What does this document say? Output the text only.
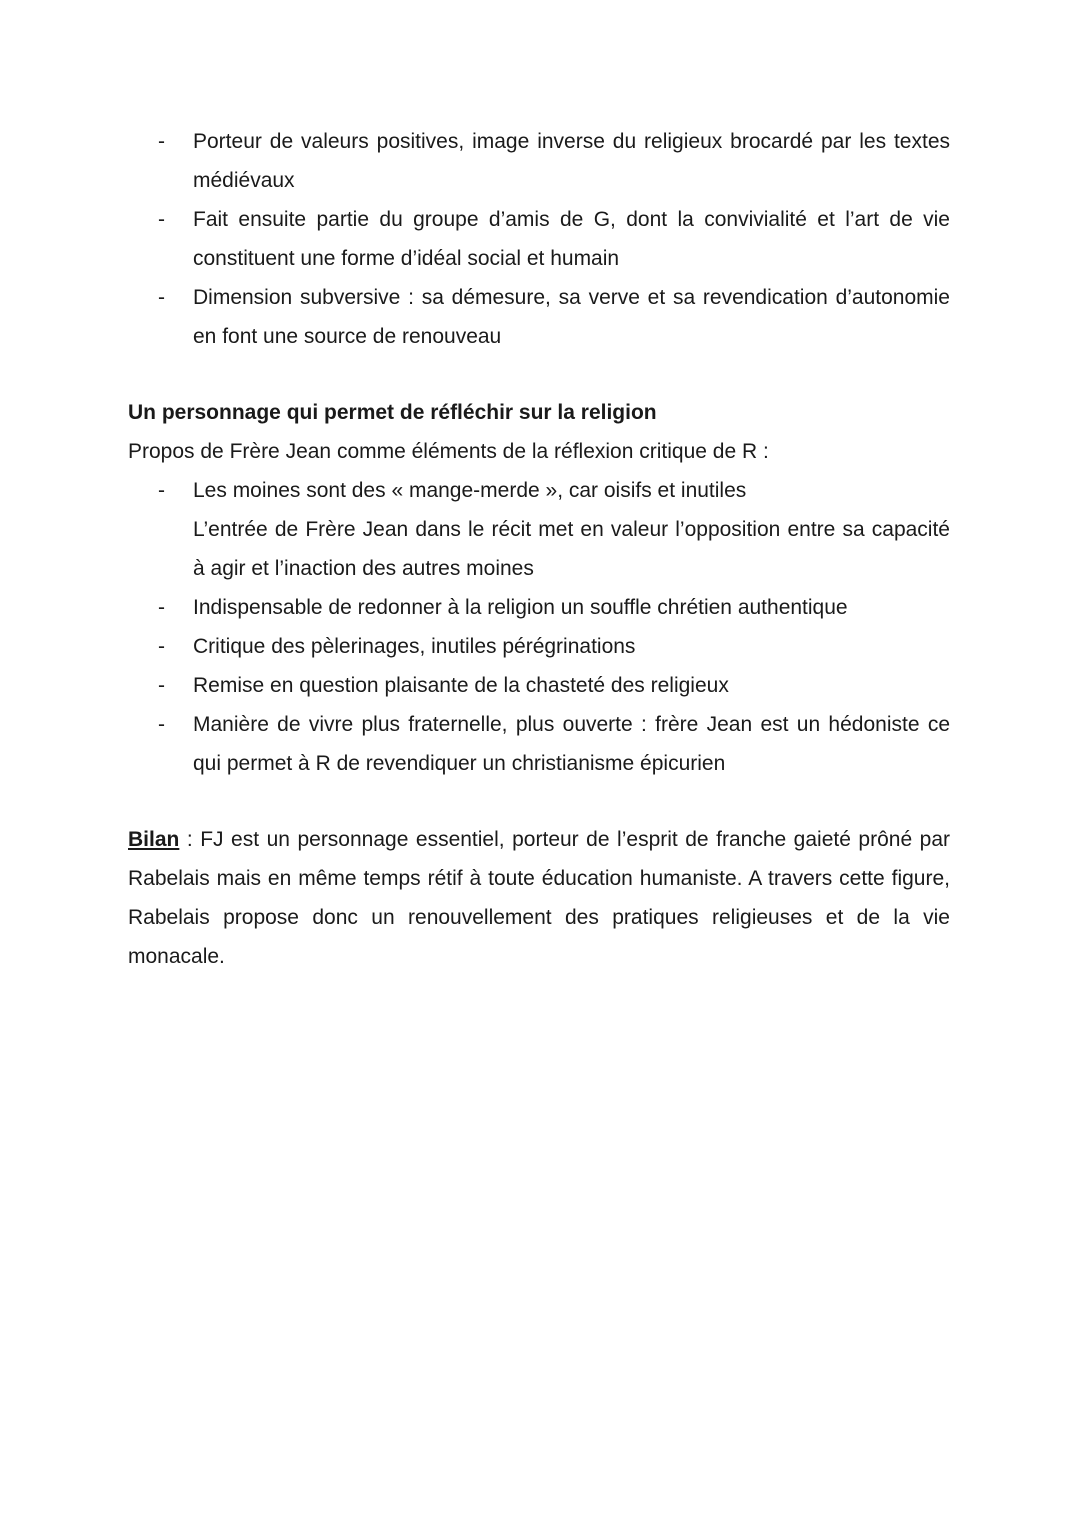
- Porteur de valeurs positives, image inverse du religieux brocardé par les textes médiévaux
- Fait ensuite partie du groupe d’amis de G, dont la convivialité et l’art de vie constituent une forme d’idéal social et humain
- Dimension subversive : sa démesure, sa verve et sa revendication d’autonomie en font une source de renouveau
Un personnage qui permet de réfléchir sur la religion

Propos de Frère Jean comme éléments de la réflexion critique de R :

- Les moines sont des « mange-merde », car oisifs et inutiles
L’entrée de Frère Jean dans le récit met en valeur l’opposition entre sa capacité à agir et l’inaction des autres moines
- Indispensable de redonner à la religion un souffle chrétien authentique
- Critique des pèlerinages, inutiles pérégrinations
- Remise en question plaisante de la chasteté des religieux
- Manière de vivre plus fraternelle, plus ouverte : frère Jean est un hédoniste ce qui permet à R de revendiquer un christianisme épicurien

Bilan : FJ est un personnage essentiel, porteur de l’esprit de franche gaieté prôné par Rabelais mais en même temps rétif à toute éducation humaniste. A travers cette figure, Rabelais propose donc un renouvellement des pratiques religieuses et de la vie monacale.
